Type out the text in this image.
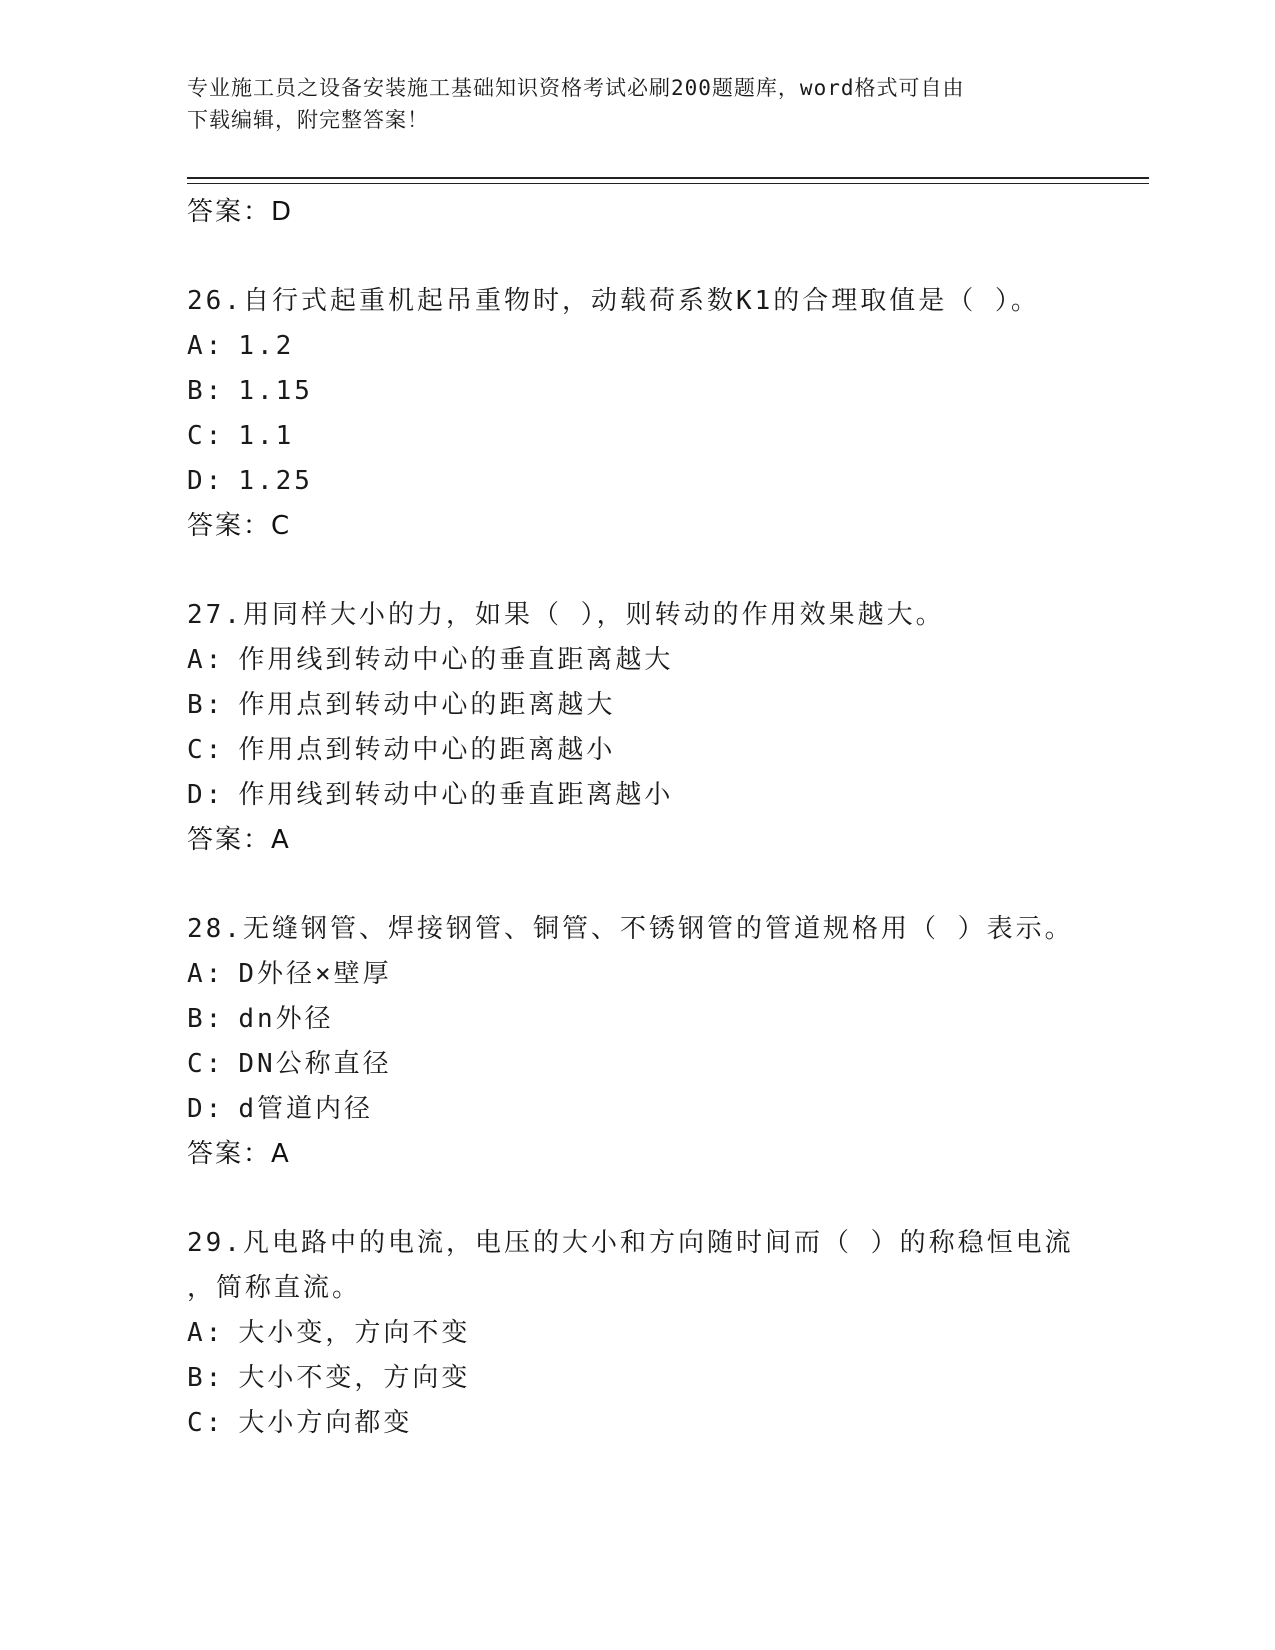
专业施工员之设备安装施工基础知识资格考试必刷200题题库，word格式可自由
下载编辑，附完整答案！
答案：D
26.自行式起重机起吊重物时，动载荷系数K1的合理取值是（ ）。
A: 1.2
B: 1.15
C: 1.1
D: 1.25
答案：C
27.用同样大小的力，如果（ ），则转动的作用效果越大。
A: 作用线到转动中心的垂直距离越大
B: 作用点到转动中心的距离越大
C: 作用点到转动中心的距离越小
D: 作用线到转动中心的垂直距离越小
答案：A
28.无缝钢管、焊接钢管、铜管、不锈钢管的管道规格用（ ）表示。
A: D外径×壁厚
B: dn外径
C: DN公称直径
D: d管道内径
答案：A
29.凡电路中的电流，电压的大小和方向随时间而（ ）的称稳恒电流
，简称直流。
A: 大小变，方向不变
B: 大小不变，方向变
C: 大小方向都变
